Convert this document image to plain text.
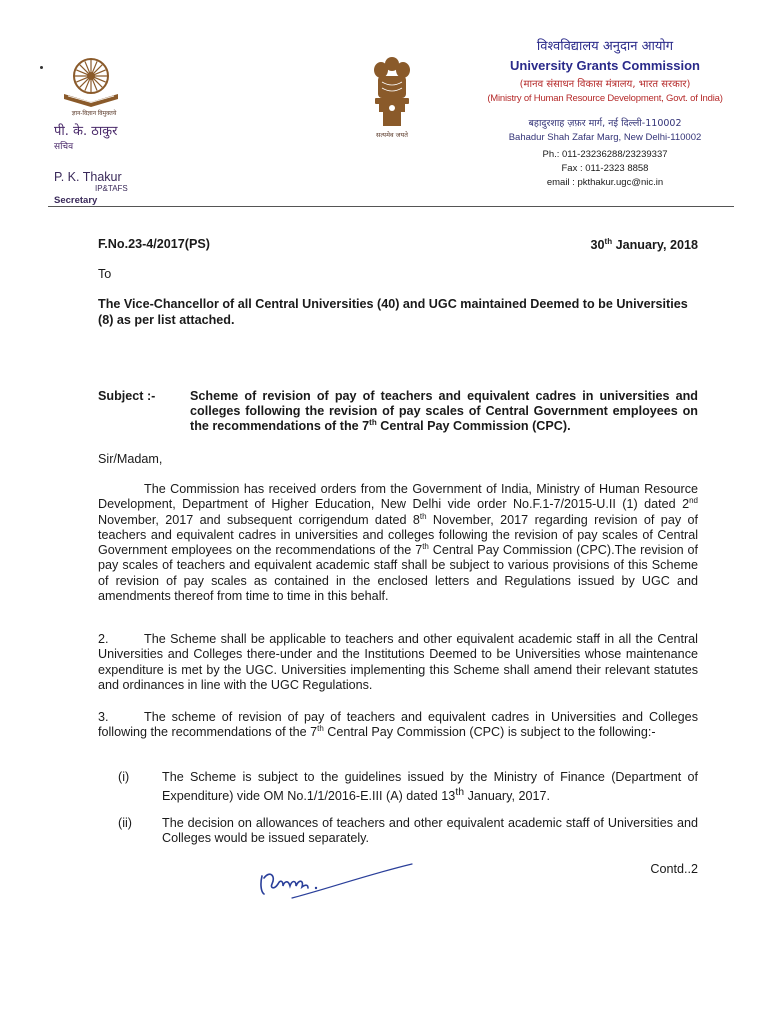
ज्ञान-विज्ञान विमुक्तये
पी. के. ठाकुर
सचिव
P. K. Thakur
IP&TAFS
Secretary
सत्यमेव जयते
विश्वविद्यालय अनुदान आयोग
University Grants Commission
(मानव संसाधन विकास मंत्रालय, भारत सरकार)
(Ministry of Human Resource Development, Govt. of India)
बहादुरशाह ज़फ़र मार्ग, नई दिल्ली-110002
Bahadur Shah Zafar Marg, New Delhi-110002
Ph.: 011-23236288/23239337
Fax : 011-2323 8858
email : pkthakur.ugc@nic.in
F.No.23-4/2017(PS)	30th January, 2018
To
The Vice-Chancellor of all Central Universities (40) and UGC maintained Deemed to be Universities (8) as per list attached.
Subject :-	Scheme of revision of pay of teachers and equivalent cadres in universities and colleges following the revision of pay scales of Central Government employees on the recommendations of the 7th Central Pay Commission (CPC).
Sir/Madam,
The Commission has received orders from the Government of India, Ministry of Human Resource Development, Department of Higher Education, New Delhi vide order No.F.1-7/2015-U.II (1) dated 2nd November, 2017 and subsequent corrigendum dated 8th November, 2017 regarding revision of pay of teachers and equivalent cadres in universities and colleges following the revision of pay scales of Central Government employees on the recommendations of the 7th Central Pay Commission (CPC).The revision of pay scales of teachers and equivalent academic staff shall be subject to various provisions of this Scheme of revision of pay scales as contained in the enclosed letters and Regulations issued by UGC and amendments thereof from time to time in this behalf.
2.	The Scheme shall be applicable to teachers and other equivalent academic staff in all the Central Universities and Colleges there-under and the Institutions Deemed to be Universities whose maintenance expenditure is met by the UGC. Universities implementing this Scheme shall amend their relevant statutes and ordinances in line with the UGC Regulations.
3.	The scheme of revision of pay of teachers and equivalent cadres in Universities and Colleges following the recommendations of the 7th Central Pay Commission (CPC) is subject to the following:-
(i)	The Scheme is subject to the guidelines issued by the Ministry of Finance (Department of Expenditure) vide OM No.1/1/2016-E.III (A) dated 13th January, 2017.
(ii) The decision on allowances of teachers and other equivalent academic staff of Universities and Colleges would be issued separately.
Contd..2
